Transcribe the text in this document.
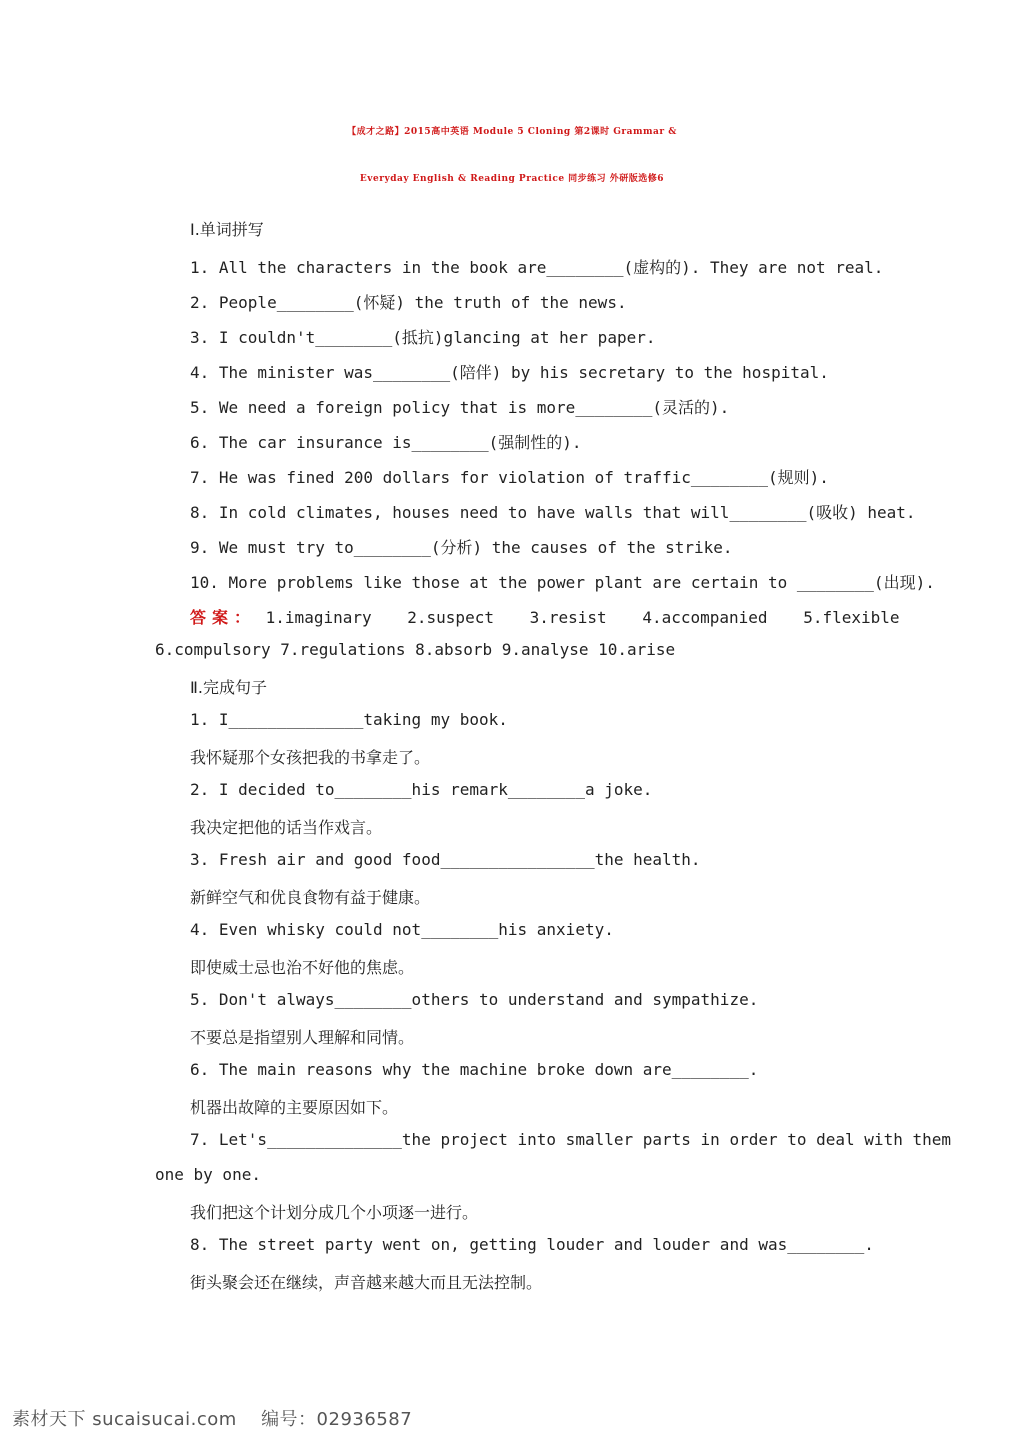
【成才之路】2015高中英语 Module 5 Cloning 第2课时 Grammar &
Everyday English & Reading Practice 同步练习 外研版选修6
Ⅰ.单词拼写
1. All the characters in the book are________(虚构的). They are not real.
2. People________(怀疑) the truth of the news.
3. I couldn't________(抵抗)glancing at her paper.
4. The minister was________(陪伴) by his secretary to the hospital.
5. We need a foreign policy that is more________(灵活的).
6. The car insurance is________(强制性的).
7. He was fined 200 dollars for violation of traffic________(规则).
8. In cold climates, houses need to have walls that will________(吸收) heat.
9. We must try to________(分析) the causes of the strike.
10. More problems like those at the power plant are certain to ________(出现).
答案： 1.imaginary 2.suspect 3.resist 4.accompanied 5.flexible
6.compulsory 7.regulations 8.absorb 9.analyse 10.arise
Ⅱ.完成句子
1. I______________taking my book.
我怀疑那个女孩把我的书拿走了。
2. I decided to________his remark________a joke.
我决定把他的话当作戏言。
3. Fresh air and good food________________the health.
新鲜空气和优良食物有益于健康。
4. Even whisky could not________his anxiety.
即使威士忌也治不好他的焦虑。
5. Don't always________others to understand and sympathize.
不要总是指望别人理解和同情。
6. The main reasons why the machine broke down are________.
机器出故障的主要原因如下。
7. Let's______________the project into smaller parts in order to deal with them
one by one.
我们把这个计划分成几个小项逐一进行。
8. The street party went on, getting louder and louder and was________.
街头聚会还在继续，声音越来越大而且无法控制。
素材天下 sucaisucai.com 编号：02936587
